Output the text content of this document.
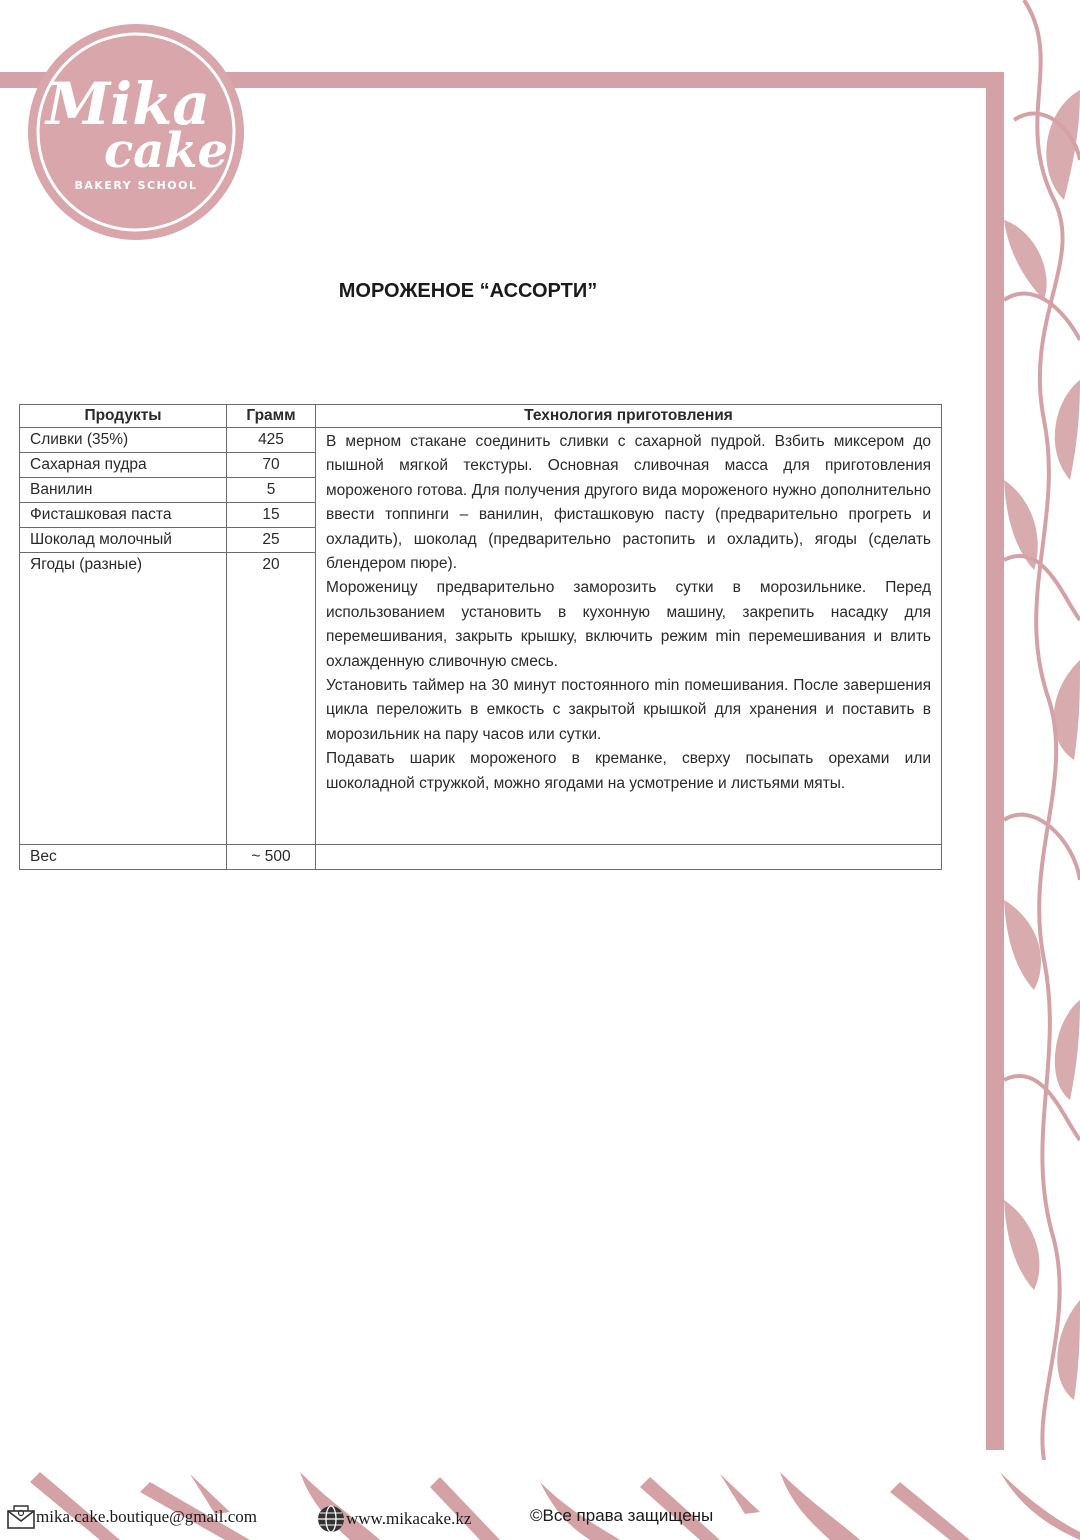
Mika
cake
BAKERY SCHOOL
МОРОЖЕНОЕ “АССОРТИ”
Продукты	Грамм	Технология приготовления
Сливки (35%)	425	В мерном стакане соединить сливки с сахарной пудрой. Взбить миксером до пышной мягкой текстуры. Основная сливочная масса для приготовления мороженого готова. Для получения другого вида мороженого нужно дополнительно ввести топпинги – ванилин, фисташковую пасту (предварительно прогреть и охладить), шоколад (предварительно растопить и охладить), ягоды (сделать блендером пюре).

Мороженицу предварительно заморозить сутки в морозильнике. Перед использованием установить в кухонную машину, закрепить насадку для перемешивания, закрыть крышку, включить режим min перемешивания и влить охлажденную сливочную смесь.

Установить таймер на 30 минут постоянного min помешивания. После завершения цикла переложить в емкость с закрытой крышкой для хранения и поставить в морозильник на пару часов или сутки.

Подавать шарик мороженого в креманке, сверху посыпать орехами или шоколадной стружкой, можно ягодами на усмотрение и листьями мяты.

Сахарная пудра	70	
Ванилин	5	
Фисташковая паста	15	
Шоколад молочный	25	
Ягоды (разные)	20	

Вес	~ 500	
mika.cake.boutique@gmail.com	www.mikacake.kz	©Все права защищены
